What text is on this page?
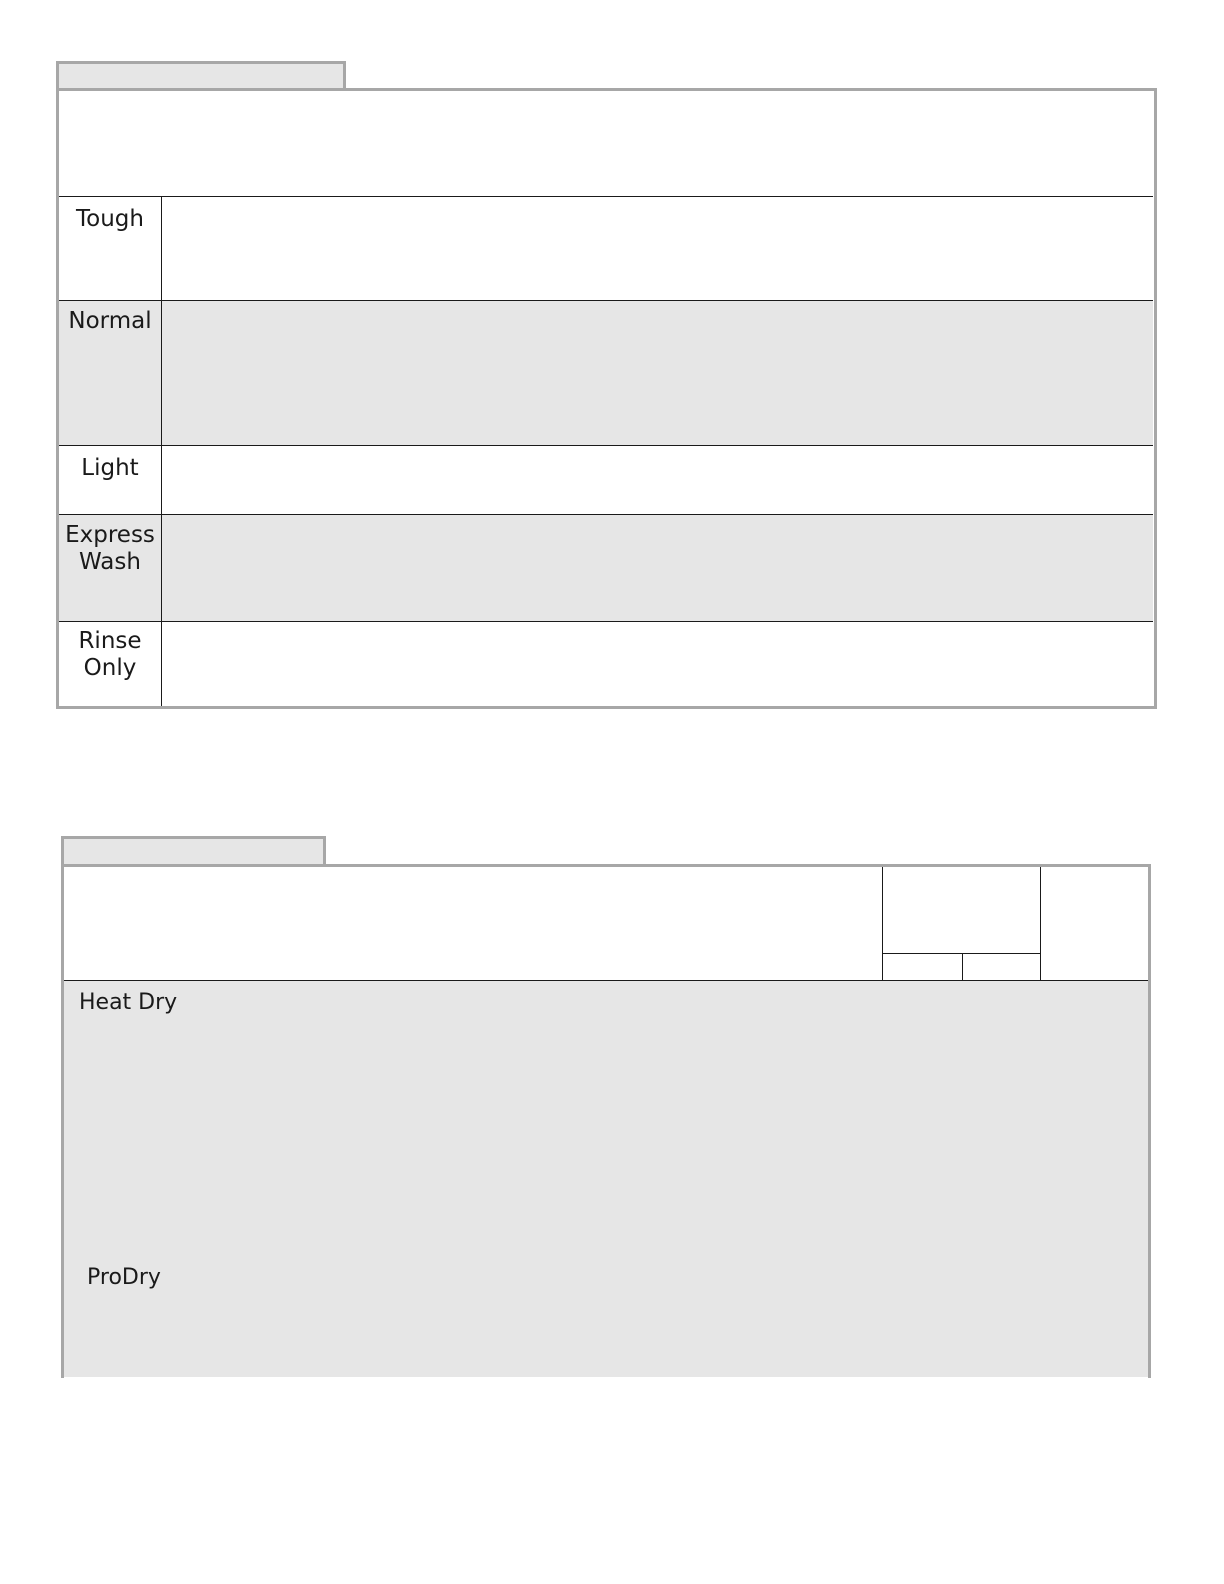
Tough
Normal
Light
Express
Wash
Rinse
Only
Heat Dry
ProDry
